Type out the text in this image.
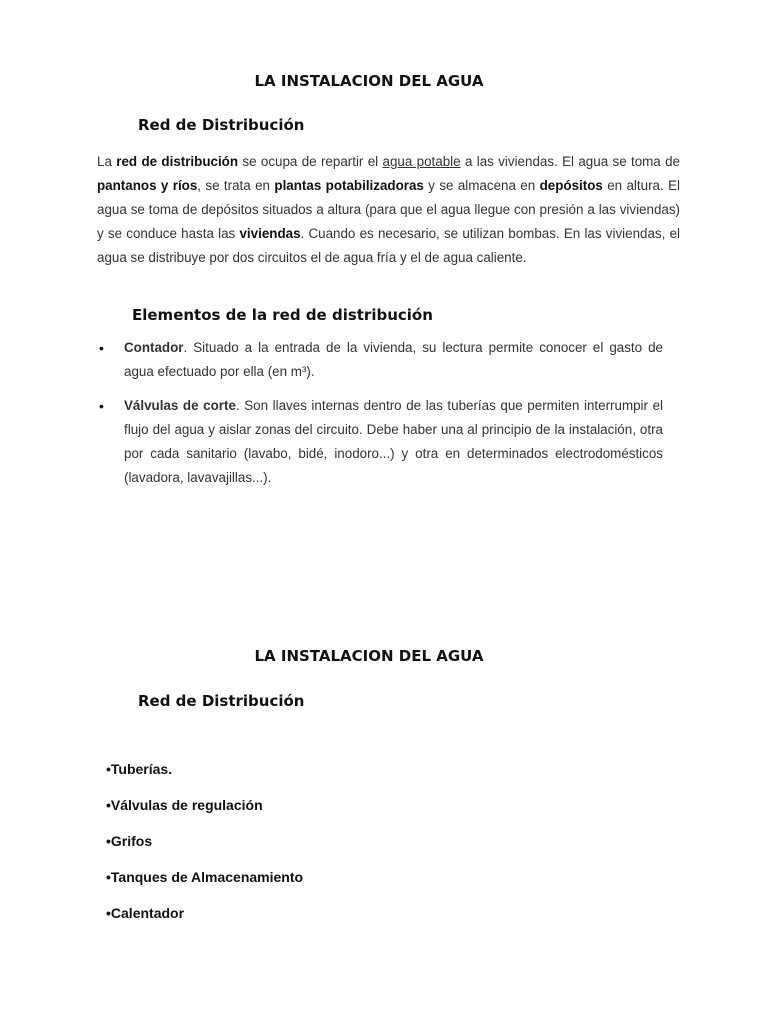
LA INSTALACION DEL AGUA
Red de Distribución
La red de distribución se ocupa de repartir el agua potable a las viviendas. El agua se toma de pantanos y ríos, se trata en plantas potabilizadoras y se almacena en depósitos en altura. El agua se toma de depósitos situados a altura (para que el agua llegue con presión a las viviendas) y se conduce hasta las viviendas. Cuando es necesario, se utilizan bombas. En las viviendas, el agua se distribuye por dos circuitos el de agua fría y el de agua caliente.
Elementos de la red de distribución
• Contador. Situado a la entrada de la vivienda, su lectura permite conocer el gasto de agua efectuado por ella (en m³).
• Válvulas de corte. Son llaves internas dentro de las tuberías que permiten interrumpir el flujo del agua y aislar zonas del circuito. Debe haber una al principio de la instalación, otra por cada sanitario (lavabo, bidé, inodoro...) y otra en determinados electrodomésticos (lavadora, lavavajillas...).
LA INSTALACION DEL AGUA
Red de Distribución
•Tuberías.
•Válvulas de regulación
•Grifos
•Tanques de Almacenamiento
•Calentador
